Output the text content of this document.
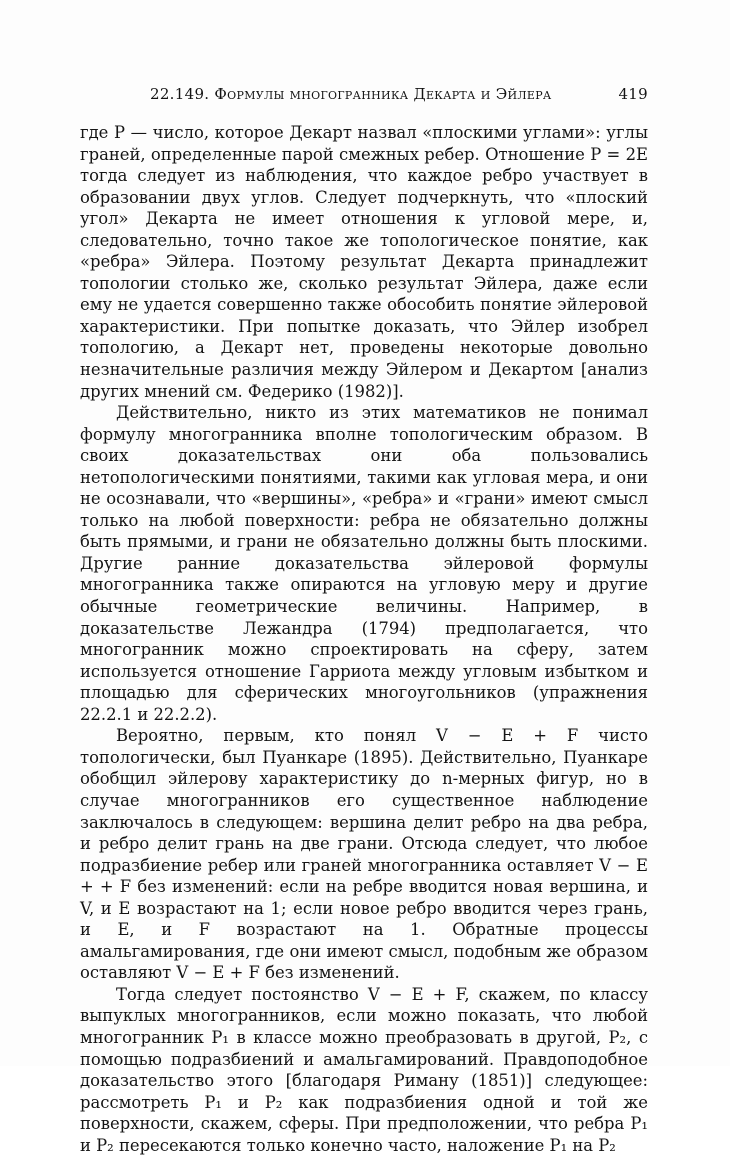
22.149. Формулы многогранника Декарта и Эйлера	419

где P — число, которое Декарт назвал «плоскими углами»: углы граней, определенные парой смежных ребер. Отношение P = 2E тогда следует из наблюдения, что каждое ребро участвует в образовании двух углов. Следует подчеркнуть, что «плоский угол» Декарта не имеет отношения к угловой мере, и, следовательно, точно такое же топологическое понятие, как «ребра» Эйлера. Поэтому результат Декарта принадлежит топологии столько же, сколько результат Эйлера, даже если ему не удается совершенно также обособить понятие эйлеровой характеристики. При попытке доказать, что Эйлер изобрел топологию, а Декарт нет, проведены некоторые довольно незначительные различия между Эйлером и Декартом [анализ других мнений см. Федерико (1982)].

Действительно, никто из этих математиков не понимал формулу многогранника вполне топологическим образом. В своих доказательствах они оба пользовались нетопологическими понятиями, такими как угловая мера, и они не осознавали, что «вершины», «ребра» и «грани» имеют смысл только на любой поверхности: ребра не обязательно должны быть прямыми, и грани не обязательно должны быть плоскими. Другие ранние доказательства эйлеровой формулы многогранника также опираются на угловую меру и другие обычные геометрические величины. Например, в доказательстве Лежандра (1794) предполагается, что многогранник можно спроектировать на сферу, затем используется отношение Гарриота между угловым избытком и площадью для сферических многоугольников (упражнения 22.2.1 и 22.2.2).

Вероятно, первым, кто понял V − E + F чисто топологически, был Пуанкаре (1895). Действительно, Пуанкаре обобщил эйлерову характеристику до n-мерных фигур, но в случае многогранников его существенное наблюдение заключалось в следующем: вершина делит ребро на два ребра, и ребро делит грань на две грани. Отсюда следует, что любое подразбиение ребер или граней многогранника оставляет V − E + + F без изменений: если на ребре вводится новая вершина, и V, и E возрастают на 1; если новое ребро вводится через грань, и E, и F возрастают на 1. Обратные процессы амальгамирования, где они имеют смысл, подобным же образом оставляют V − E + F без изменений.

Тогда следует постоянство V − E + F, скажем, по классу выпуклых многогранников, если можно показать, что любой многогранник P₁ в классе можно преобразовать в другой, P₂, с помощью подразбиений и амальгамирований. Правдоподобное доказательство этого [благодаря Риману (1851)] следующее: рассмотреть P₁ и P₂ как подразбиения одной и той же поверхности, скажем, сферы. При предположении, что ребра P₁ и P₂ пересекаются только конечно часто, наложение P₁ на P₂
